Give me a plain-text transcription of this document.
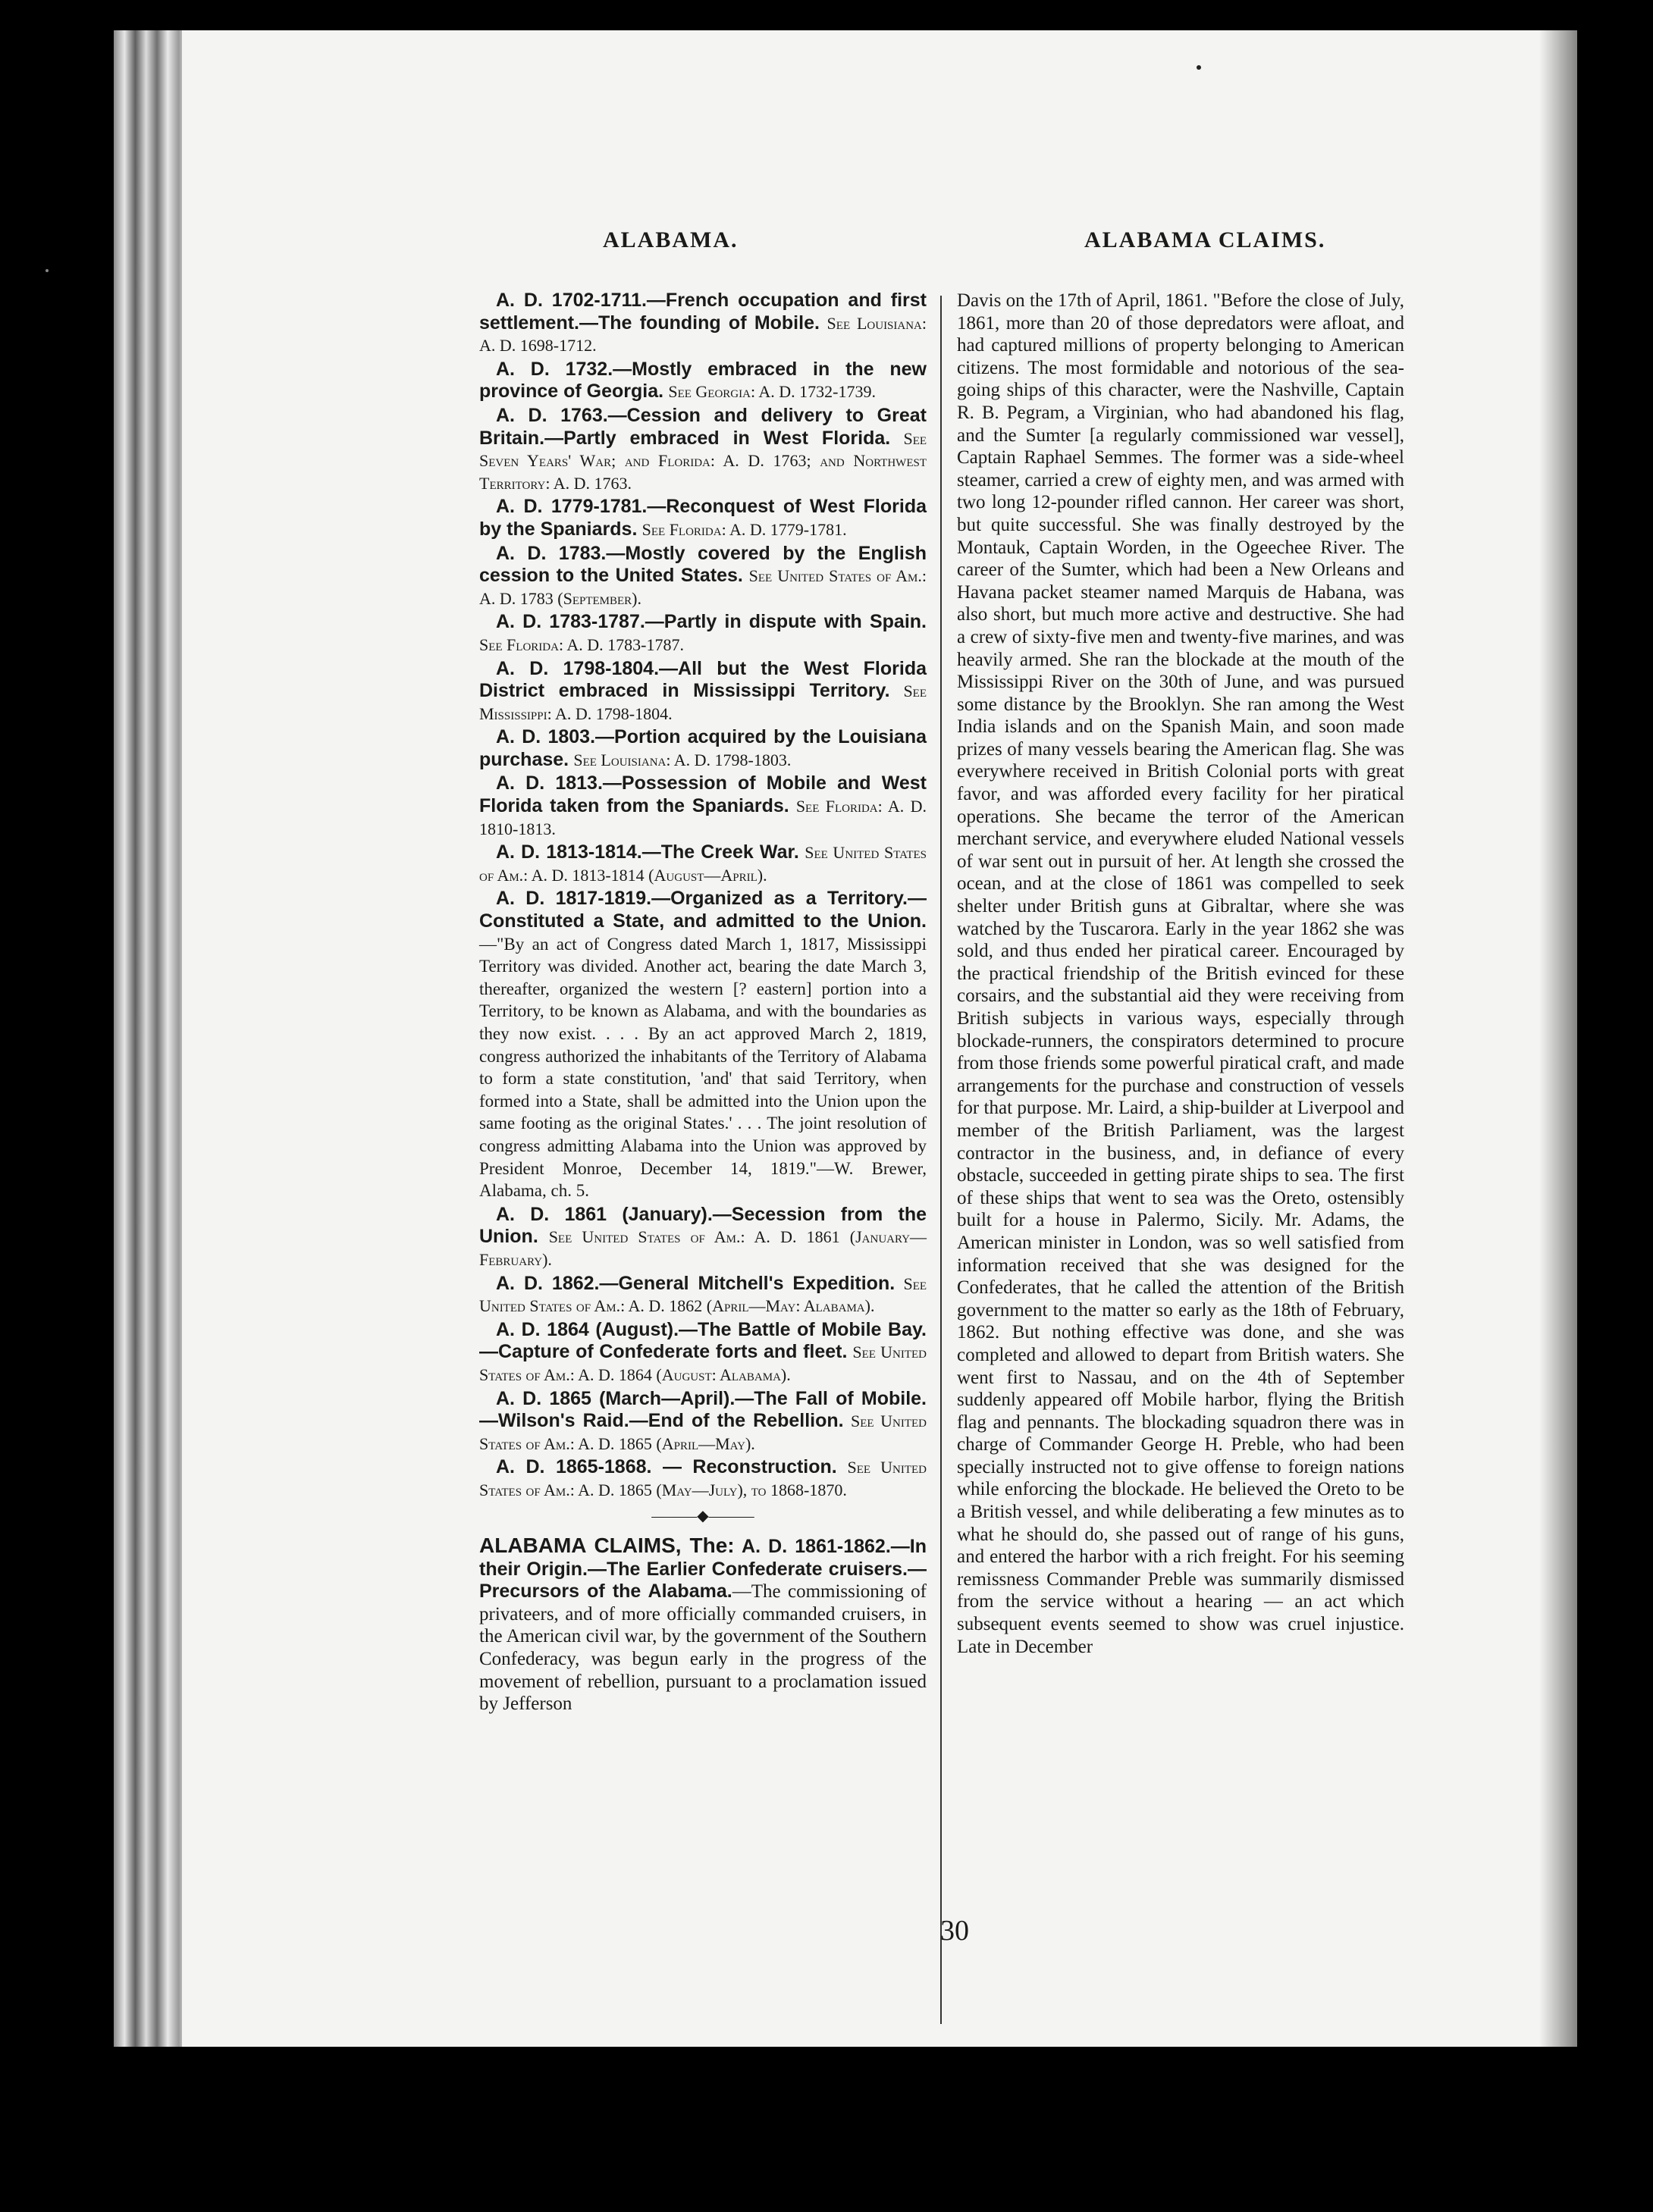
ALABAMA.	ALABAMA CLAIMS.

A. D. 1702-1711.—French occupation and first settlement.—The founding of Mobile. See Louisiana: A. D. 1698-1712.

A. D. 1732.—Mostly embraced in the new province of Georgia. See Georgia: A. D. 1732-1739.

A. D. 1763.—Cession and delivery to Great Britain.—Partly embraced in West Florida. See Seven Years' War; and Florida: A. D. 1763; and Northwest Territory: A. D. 1763.

A. D. 1779-1781.—Reconquest of West Florida by the Spaniards. See Florida: A. D. 1779-1781.

A. D. 1783.—Mostly covered by the English cession to the United States. See United States of Am.: A. D. 1783 (September).

A. D. 1783-1787.—Partly in dispute with Spain. See Florida: A. D. 1783-1787.

A. D. 1798-1804.—All but the West Florida District embraced in Mississippi Territory. See Mississippi: A. D. 1798-1804.

A. D. 1803.—Portion acquired by the Louisiana purchase. See Louisiana: A. D. 1798-1803.

A. D. 1813.—Possession of Mobile and West Florida taken from the Spaniards. See Florida: A. D. 1810-1813.

A. D. 1813-1814.—The Creek War. See United States of Am.: A. D. 1813-1814 (August—April).

A. D. 1817-1819.—Organized as a Territory.—Constituted a State, and admitted to the Union.—"By an act of Congress dated March 1, 1817, Mississippi Territory was divided. Another act, bearing the date March 3, thereafter, organized the western [? eastern] portion into a Territory, to be known as Alabama, and with the boundaries as they now exist. . . . By an act approved March 2, 1819, congress authorized the inhabitants of the Territory of Alabama to form a state constitution, 'and' that said Territory, when formed into a State, shall be admitted into the Union upon the same footing as the original States.' . . . The joint resolution of congress admitting Alabama into the Union was approved by President Monroe, December 14, 1819."—W. Brewer, Alabama, ch. 5.

A. D. 1861 (January).—Secession from the Union. See United States of Am.: A. D. 1861 (January—February).

A. D. 1862.—General Mitchell's Expedition. See United States of Am.: A. D. 1862 (April—May: Alabama).

A. D. 1864 (August).—The Battle of Mobile Bay.—Capture of Confederate forts and fleet. See United States of Am.: A. D. 1864 (August: Alabama).

A. D. 1865 (March—April).—The Fall of Mobile.—Wilson's Raid.—End of the Rebellion. See United States of Am.: A. D. 1865 (April—May).

A. D. 1865-1868. — Reconstruction. See United States of Am.: A. D. 1865 (May—July), to 1868-1870.

———◆———

ALABAMA CLAIMS, The: A. D. 1861-1862.—In their Origin.—The Earlier Confederate cruisers.—Precursors of the Alabama.—The commissioning of privateers, and of more officially commanded cruisers, in the American civil war, by the government of the Southern Confederacy, was begun early in the progress of the movement of rebellion, pursuant to a proclamation issued by Jefferson

Davis on the 17th of April, 1861. "Before the close of July, 1861, more than 20 of those depredators were afloat, and had captured millions of property belonging to American citizens. The most formidable and notorious of the sea-going ships of this character, were the Nashville, Captain R. B. Pegram, a Virginian, who had abandoned his flag, and the Sumter [a regularly commissioned war vessel], Captain Raphael Semmes. The former was a side-wheel steamer, carried a crew of eighty men, and was armed with two long 12-pounder rifled cannon. Her career was short, but quite successful. She was finally destroyed by the Montauk, Captain Worden, in the Ogeechee River. The career of the Sumter, which had been a New Orleans and Havana packet steamer named Marquis de Habana, was also short, but much more active and destructive. She had a crew of sixty-five men and twenty-five marines, and was heavily armed. She ran the blockade at the mouth of the Mississippi River on the 30th of June, and was pursued some distance by the Brooklyn. She ran among the West India islands and on the Spanish Main, and soon made prizes of many vessels bearing the American flag. She was everywhere received in British Colonial ports with great favor, and was afforded every facility for her piratical operations. She became the terror of the American merchant service, and everywhere eluded National vessels of war sent out in pursuit of her. At length she crossed the ocean, and at the close of 1861 was compelled to seek shelter under British guns at Gibraltar, where she was watched by the Tuscarora. Early in the year 1862 she was sold, and thus ended her piratical career. Encouraged by the practical friendship of the British evinced for these corsairs, and the substantial aid they were receiving from British subjects in various ways, especially through blockade-runners, the conspirators determined to procure from those friends some powerful piratical craft, and made arrangements for the purchase and construction of vessels for that purpose. Mr. Laird, a ship-builder at Liverpool and member of the British Parliament, was the largest contractor in the business, and, in defiance of every obstacle, succeeded in getting pirate ships to sea. The first of these ships that went to sea was the Oreto, ostensibly built for a house in Palermo, Sicily. Mr. Adams, the American minister in London, was so well satisfied from information received that she was designed for the Confederates, that he called the attention of the British government to the matter so early as the 18th of February, 1862. But nothing effective was done, and she was completed and allowed to depart from British waters. She went first to Nassau, and on the 4th of September suddenly appeared off Mobile harbor, flying the British flag and pennants. The blockading squadron there was in charge of Commander George H. Preble, who had been specially instructed not to give offense to foreign nations while enforcing the blockade. He believed the Oreto to be a British vessel, and while deliberating a few minutes as to what he should do, she passed out of range of his guns, and entered the harbor with a rich freight. For his seeming remissness Commander Preble was summarily dismissed from the service without a hearing — an act which subsequent events seemed to show was cruel injustice. Late in December

30
